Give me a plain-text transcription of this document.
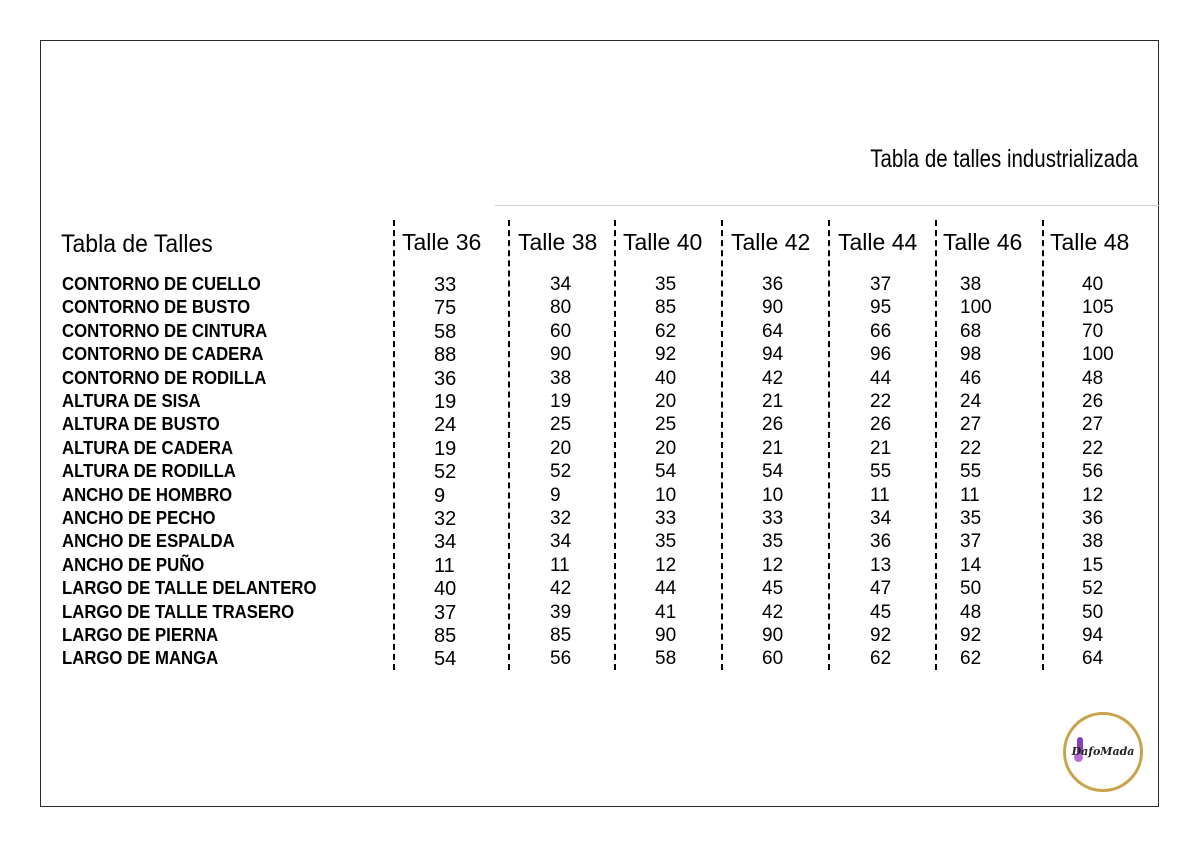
Tabla de talles industrializada
Tabla de Talles	Talle 36	Talle 38	Talle 40	Talle 42	Talle 44	Talle 46	Talle 48
CONTORNO DE CUELLO	33	34	35	36	37	38	40
CONTORNO DE BUSTO	75	80	85	90	95	100	105
CONTORNO DE CINTURA	58	60	62	64	66	68	70
CONTORNO DE CADERA	88	90	92	94	96	98	100
CONTORNO DE RODILLA	36	38	40	42	44	46	48
ALTURA DE SISA	19	19	20	21	22	24	26
ALTURA DE BUSTO	24	25	25	26	26	27	27
ALTURA DE CADERA	19	20	20	21	21	22	22
ALTURA DE RODILLA	52	52	54	54	55	55	56
ANCHO DE HOMBRO	9	9	10	10	11	11	12
ANCHO DE PECHO	32	32	33	33	34	35	36
ANCHO DE ESPALDA	34	34	35	35	36	37	38
ANCHO DE PUÑO	11	11	12	12	13	14	15
LARGO DE TALLE DELANTERO	40	42	44	45	47	50	52
LARGO DE TALLE TRASERO	37	39	41	42	45	48	50
LARGO DE PIERNA	85	85	90	90	92	92	94
LARGO DE MANGA	54	56	58	60	62	62	64
DafoMada
